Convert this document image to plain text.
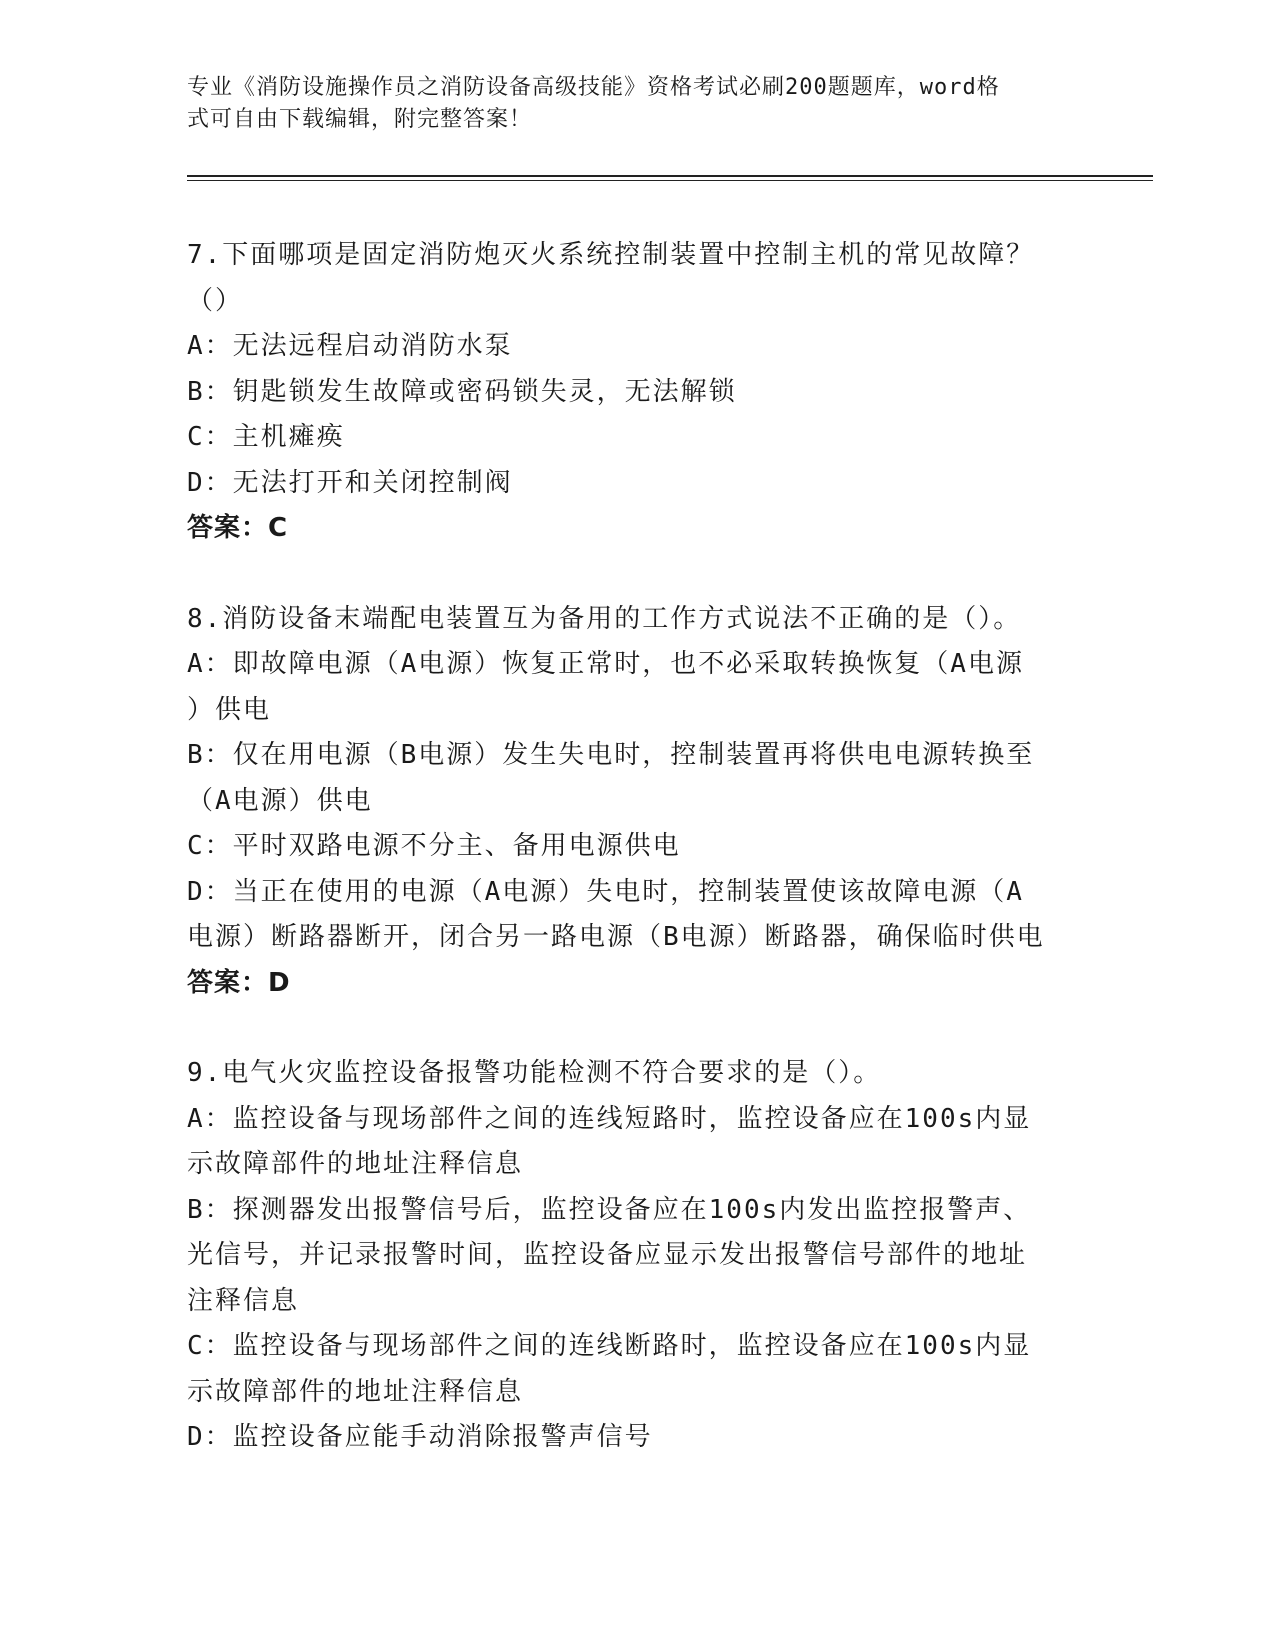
专业《消防设施操作员之消防设备高级技能》资格考试必刷200题题库，word格
式可自由下载编辑，附完整答案！
7.下面哪项是固定消防炮灭火系统控制装置中控制主机的常见故障？
（）
A：无法远程启动消防水泵
B：钥匙锁发生故障或密码锁失灵，无法解锁
C：主机瘫痪
D：无法打开和关闭控制阀
答案：C
8.消防设备末端配电装置互为备用的工作方式说法不正确的是（）。
A：即故障电源（A电源）恢复正常时，也不必采取转换恢复（A电源
）供电
B：仅在用电源（B电源）发生失电时，控制装置再将供电电源转换至
（A电源）供电
C：平时双路电源不分主、备用电源供电
D：当正在使用的电源（A电源）失电时，控制装置使该故障电源（A
电源）断路器断开，闭合另一路电源（B电源）断路器，确保临时供电
答案：D
9.电气火灾监控设备报警功能检测不符合要求的是（）。
A：监控设备与现场部件之间的连线短路时，监控设备应在100s内显
示故障部件的地址注释信息
B：探测器发出报警信号后，监控设备应在100s内发出监控报警声、
光信号，并记录报警时间，监控设备应显示发出报警信号部件的地址
注释信息
C：监控设备与现场部件之间的连线断路时，监控设备应在100s内显
示故障部件的地址注释信息
D：监控设备应能手动消除报警声信号
